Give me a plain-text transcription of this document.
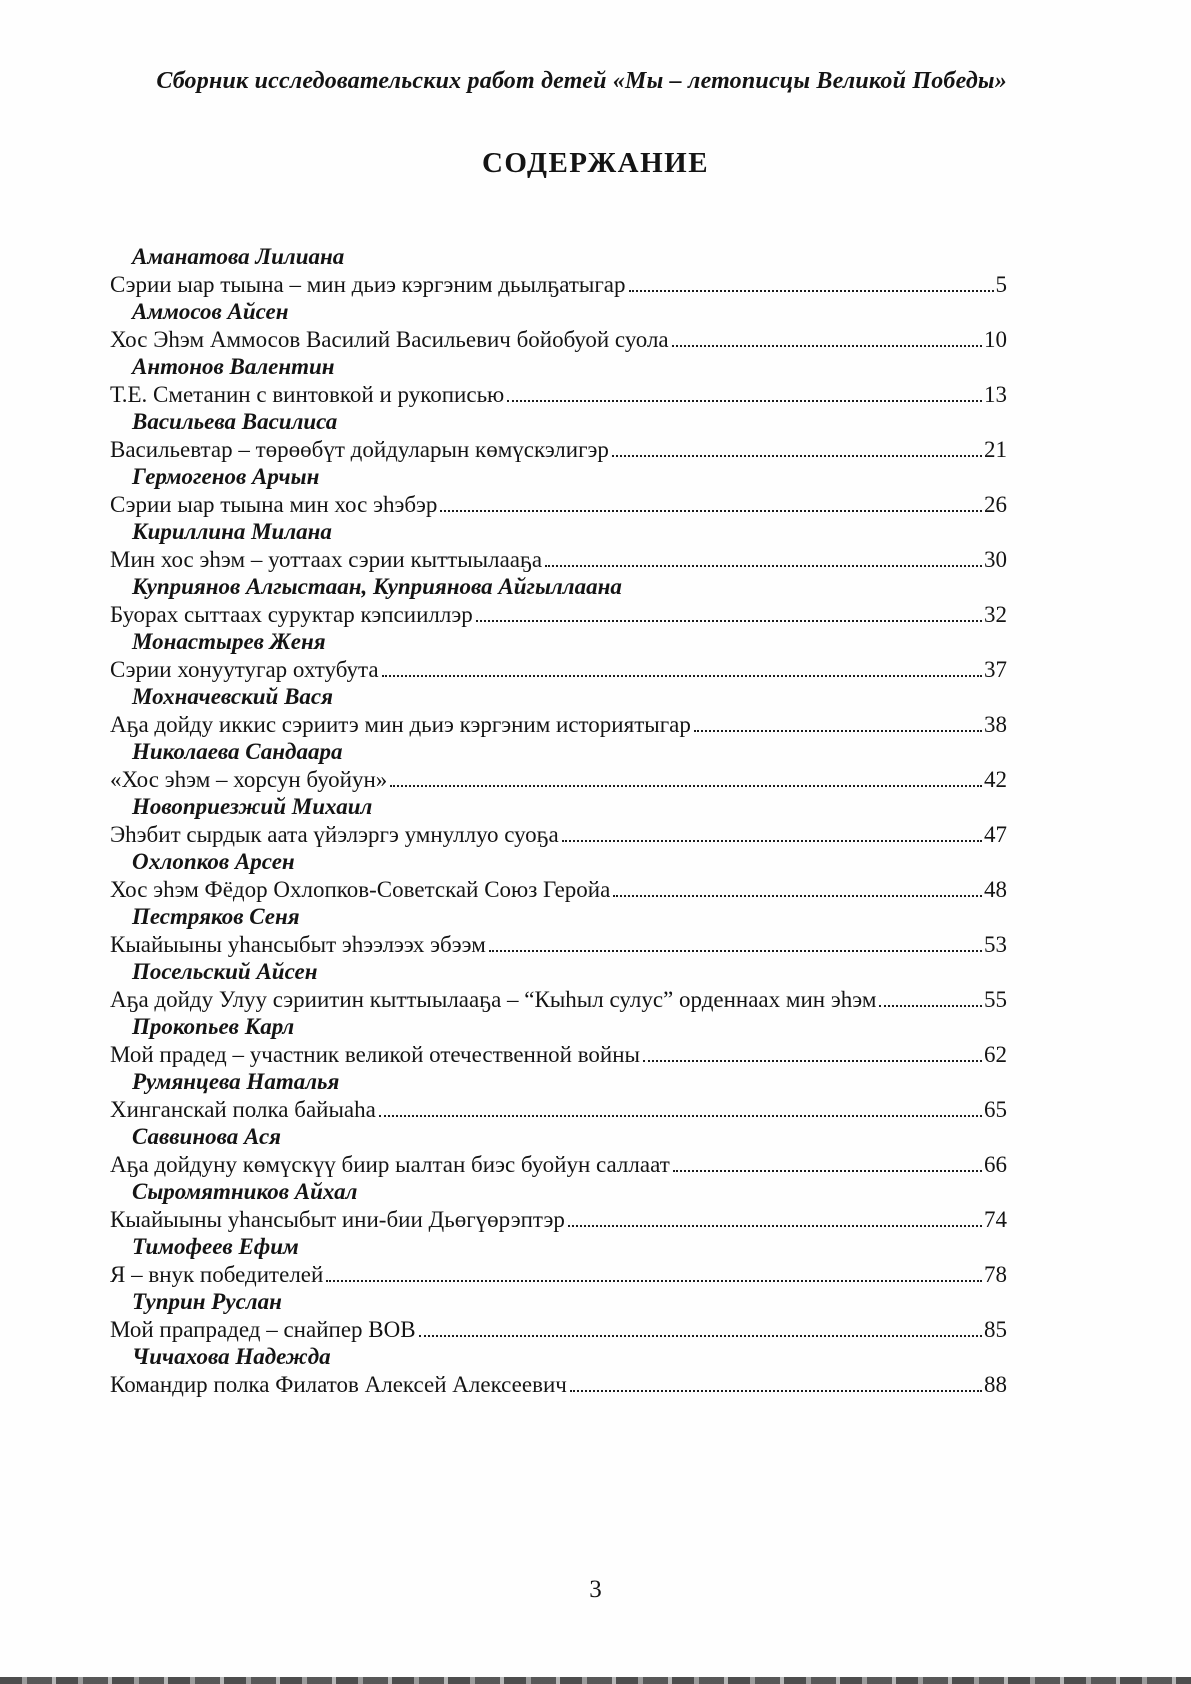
Сборник исследовательских работ детей «Мы – летописцы Великой Победы»
СОДЕРЖАНИЕ
Аманатова Лилиана
Сэрии ыар тыына – мин дьиэ кэргэним дьылҕатыгар	5
Аммосов Айсен
Хос Эһэм Аммосов Василий Васильевич бойобуой суола	10
Антонов Валентин
Т.Е. Сметанин с винтовкой и рукописью	13
Васильева Василиса
Васильевтар – төрөөбүт дойдуларын көмүскэлигэр	21
Гермогенов Арчын
Сэрии ыар тыына мин хос эһэбэр	26
Кириллина Милана
Мин хос эһэм – уоттаах сэрии кыттыылааҕа	30
Куприянов Алгыстаан, Куприянова Айгыллаана
Буорах сыттаах суруктар кэпсииллэр	32
Монастырев Женя
Сэрии хонуутугар охтубута	37
Мохначевский Вася
Аҕа дойду иккис сэриитэ мин дьиэ кэргэним историятыгар	38
Николаева Сандаара
«Хос эһэм – хорсун буойун»	42
Новоприезжий Михаил
Эһэбит сырдык аата үйэлэргэ умнуллуо суоҕа	47
Охлопков Арсен
Хос эһэм Фёдор Охлопков-Советскай Союз Геройа	48
Пестряков Сеня
Кыайыыны уһансыбыт эһээлээх эбээм	53
Посельский Айсен
Аҕа дойду Улуу сэриитин кыттыылааҕа – “Кыһыл сулус” орденнаах мин эһэм	55
Прокопьев Карл
Мой прадед – участник великой отечественной войны	62
Румянцева Наталья
Хинганскай полка байыаһа	65
Саввинова Ася
Аҕа дойдуну көмүскүү биир ыалтан биэс буойун саллаат	66
Сыромятников Айхал
Кыайыыны уһансыбыт ини-бии Дьөгүөрэптэр	74
Тимофеев Ефим
Я – внук победителей	78
Туприн Руслан
Мой прапрадед – снайпер ВОВ	85
Чичахова Надежда
Командир полка Филатов Алексей Алексеевич	88
3
